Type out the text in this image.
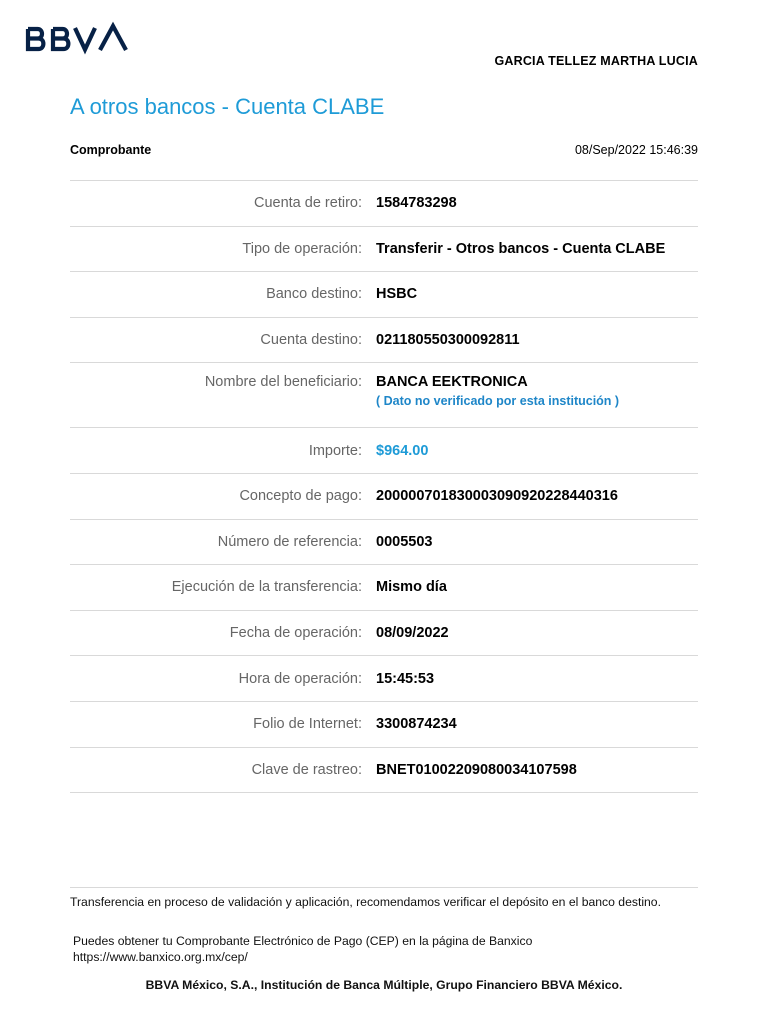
GARCIA TELLEZ MARTHA LUCIA
A otros bancos - Cuenta CLABE
Comprobante	08/Sep/2022 15:46:39
Cuenta de retiro: 1584783298
Tipo de operación: Transferir - Otros bancos - Cuenta CLABE
Banco destino: HSBC
Cuenta destino: 021180550300092811
Nombre del beneficiario: BANCA EEKTRONICA
( Dato no verificado por esta institución )
Importe: $964.00
Concepto de pago: 2000007018300030909202284403​16
Número de referencia: 0005503
Ejecución de la transferencia: Mismo día
Fecha de operación: 08/09/2022
Hora de operación: 15:45:53
Folio de Internet: 3300874234
Clave de rastreo: BNET01002209080034107598
Transferencia en proceso de validación y aplicación, recomendamos verificar el depósito en el banco destino.
Puedes obtener tu Comprobante Electrónico de Pago (CEP) en la página de Banxico
https://www.banxico.org.mx/cep/
BBVA México, S.A., Institución de Banca Múltiple, Grupo Financiero BBVA México.
